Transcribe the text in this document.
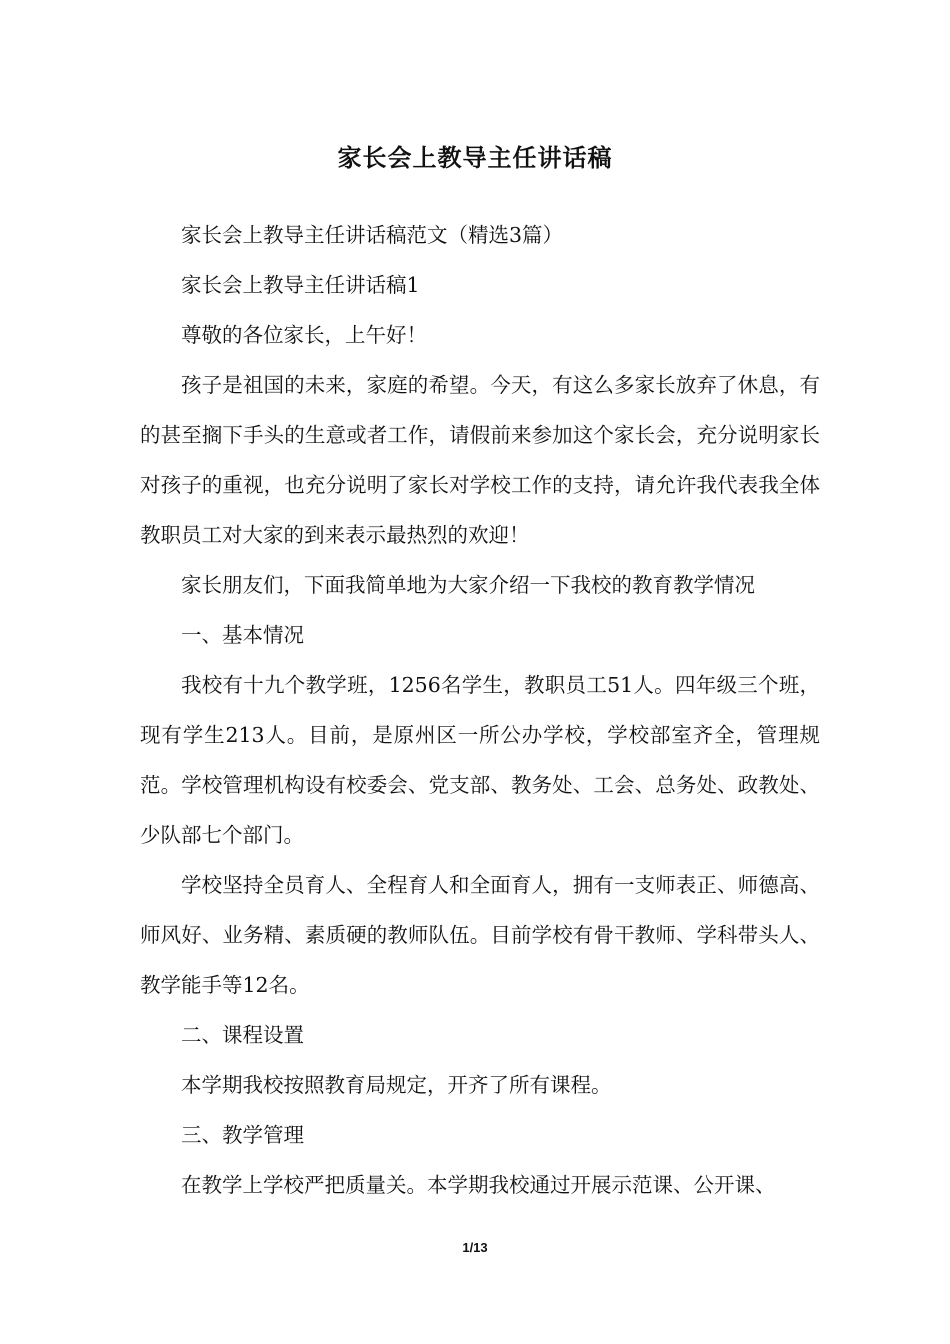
家长会上教导主任讲话稿

家长会上教导主任讲话稿范文（精选3篇）

家长会上教导主任讲话稿1

尊敬的各位家长，上午好！

孩子是祖国的未来，家庭的希望。今天，有这么多家长放弃了休息，有的甚至搁下手头的生意或者工作，请假前来参加这个家长会，充分说明家长对孩子的重视，也充分说明了家长对学校工作的支持，请允许我代表我全体教职员工对大家的到来表示最热烈的欢迎！

家长朋友们，下面我简单地为大家介绍一下我校的教育教学情况

一、基本情况

我校有十九个教学班，1256名学生，教职员工51人。四年级三个班，现有学生213人。目前，是原州区一所公办学校，学校部室齐全，管理规范。学校管理机构设有校委会、党支部、教务处、工会、总务处、政教处、少队部七个部门。

学校坚持全员育人、全程育人和全面育人，拥有一支师表正、师德高、师风好、业务精、素质硬的教师队伍。目前学校有骨干教师、学科带头人、教学能手等12名。

二、课程设置

本学期我校按照教育局规定，开齐了所有课程。

三、教学管理

在教学上学校严把质量关。本学期我校通过开展示范课、公开课、

1/13
